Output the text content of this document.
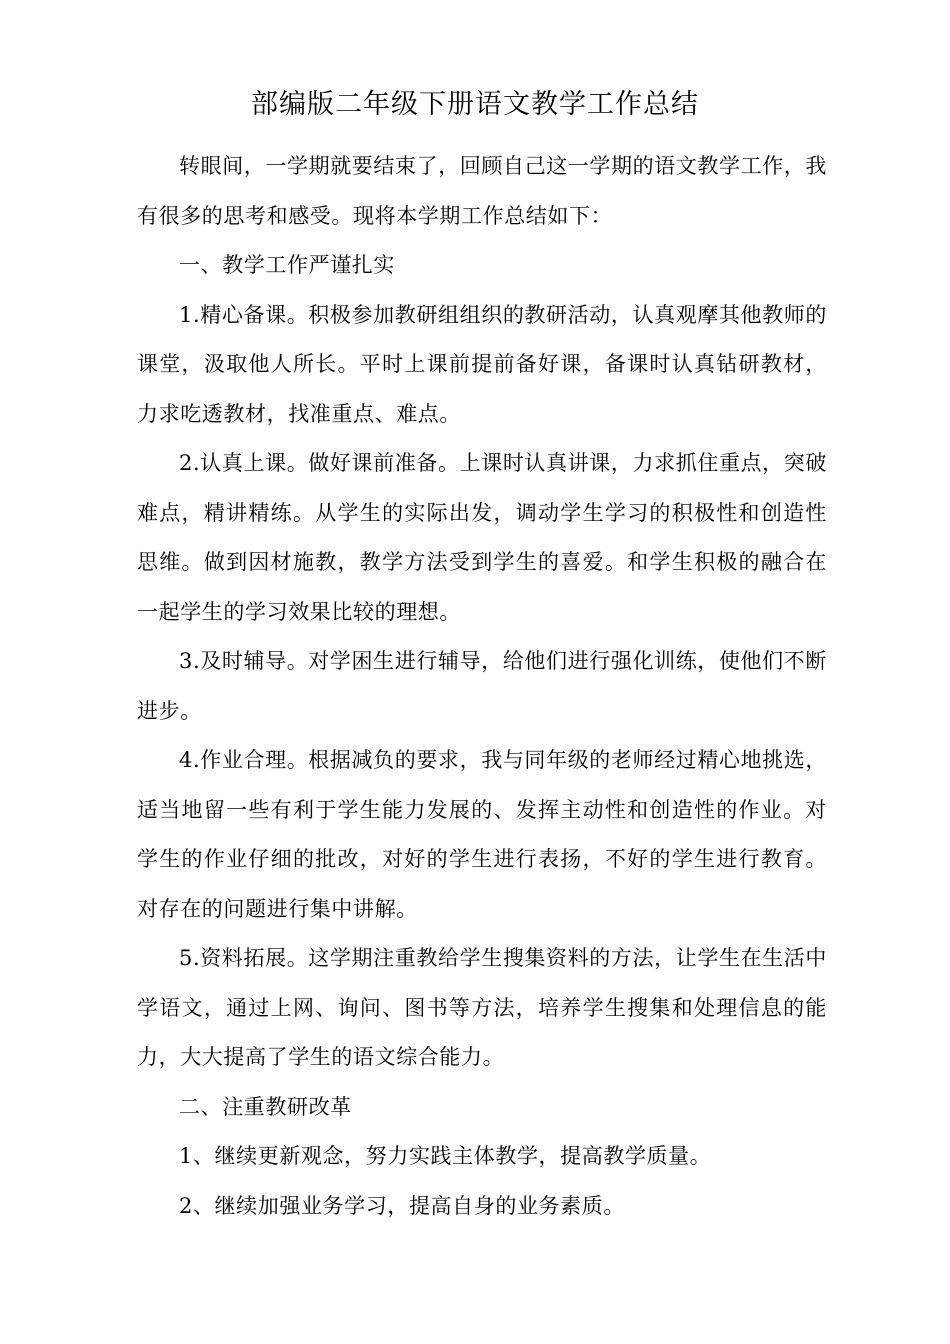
部编版二年级下册语文教学工作总结

转眼间，一学期就要结束了，回顾自己这一学期的语文教学工作，我有很多的思考和感受。现将本学期工作总结如下：

一、教学工作严谨扎实

1.精心备课。积极参加教研组组织的教研活动，认真观摩其他教师的课堂，汲取他人所长。平时上课前提前备好课，备课时认真钻研教材，力求吃透教材，找准重点、难点。

2.认真上课。做好课前准备。上课时认真讲课，力求抓住重点，突破难点，精讲精练。从学生的实际出发，调动学生学习的积极性和创造性思维。做到因材施教，教学方法受到学生的喜爱。和学生积极的融合在一起学生的学习效果比较的理想。

3.及时辅导。对学困生进行辅导，给他们进行强化训练，使他们不断进步。

4.作业合理。根据减负的要求，我与同年级的老师经过精心地挑选，适当地留一些有利于学生能力发展的、发挥主动性和创造性的作业。对学生的作业仔细的批改，对好的学生进行表扬，不好的学生进行教育。对存在的问题进行集中讲解。

5.资料拓展。这学期注重教给学生搜集资料的方法，让学生在生活中学语文，通过上网、询问、图书等方法，培养学生搜集和处理信息的能力，大大提高了学生的语文综合能力。

二、注重教研改革

1、继续更新观念，努力实践主体教学，提高教学质量。

2、继续加强业务学习，提高自身的业务素质。
